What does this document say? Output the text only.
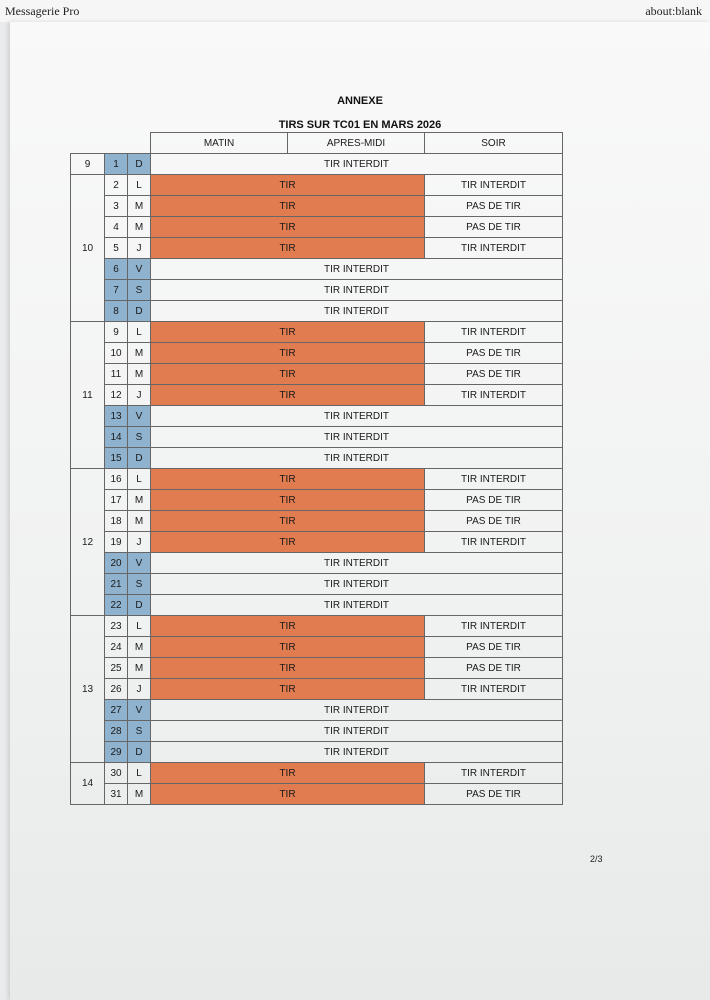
Messagerie Pro	about:blank
ANNEXE
TIRS SUR TC01 EN MARS 2026
			MATIN	APRES-MIDI	SOIR
9	1	D	TIR INTERDIT		
10	2	L	TIR		TIR INTERDIT
	3	M	TIR		PAS DE TIR
	4	M	TIR		PAS DE TIR
	5	J	TIR		TIR INTERDIT
	6	V	TIR INTERDIT		
	7	S	TIR INTERDIT		
	8	D	TIR INTERDIT		
11	9	L	TIR		TIR INTERDIT
	10	M	TIR		PAS DE TIR
	11	M	TIR		PAS DE TIR
	12	J	TIR		TIR INTERDIT
	13	V	TIR INTERDIT		
	14	S	TIR INTERDIT		
	15	D	TIR INTERDIT		
12	16	L	TIR		TIR INTERDIT
	17	M	TIR		PAS DE TIR
	18	M	TIR		PAS DE TIR
	19	J	TIR		TIR INTERDIT
	20	V	TIR INTERDIT		
	21	S	TIR INTERDIT		
	22	D	TIR INTERDIT		
13	23	L	TIR		TIR INTERDIT
	24	M	TIR		PAS DE TIR
	25	M	TIR		PAS DE TIR
	26	J	TIR		TIR INTERDIT
	27	V	TIR INTERDIT		
	28	S	TIR INTERDIT		
	29	D	TIR INTERDIT		
14	30	L	TIR		TIR INTERDIT
	31	M	TIR		PAS DE TIR
2/3
